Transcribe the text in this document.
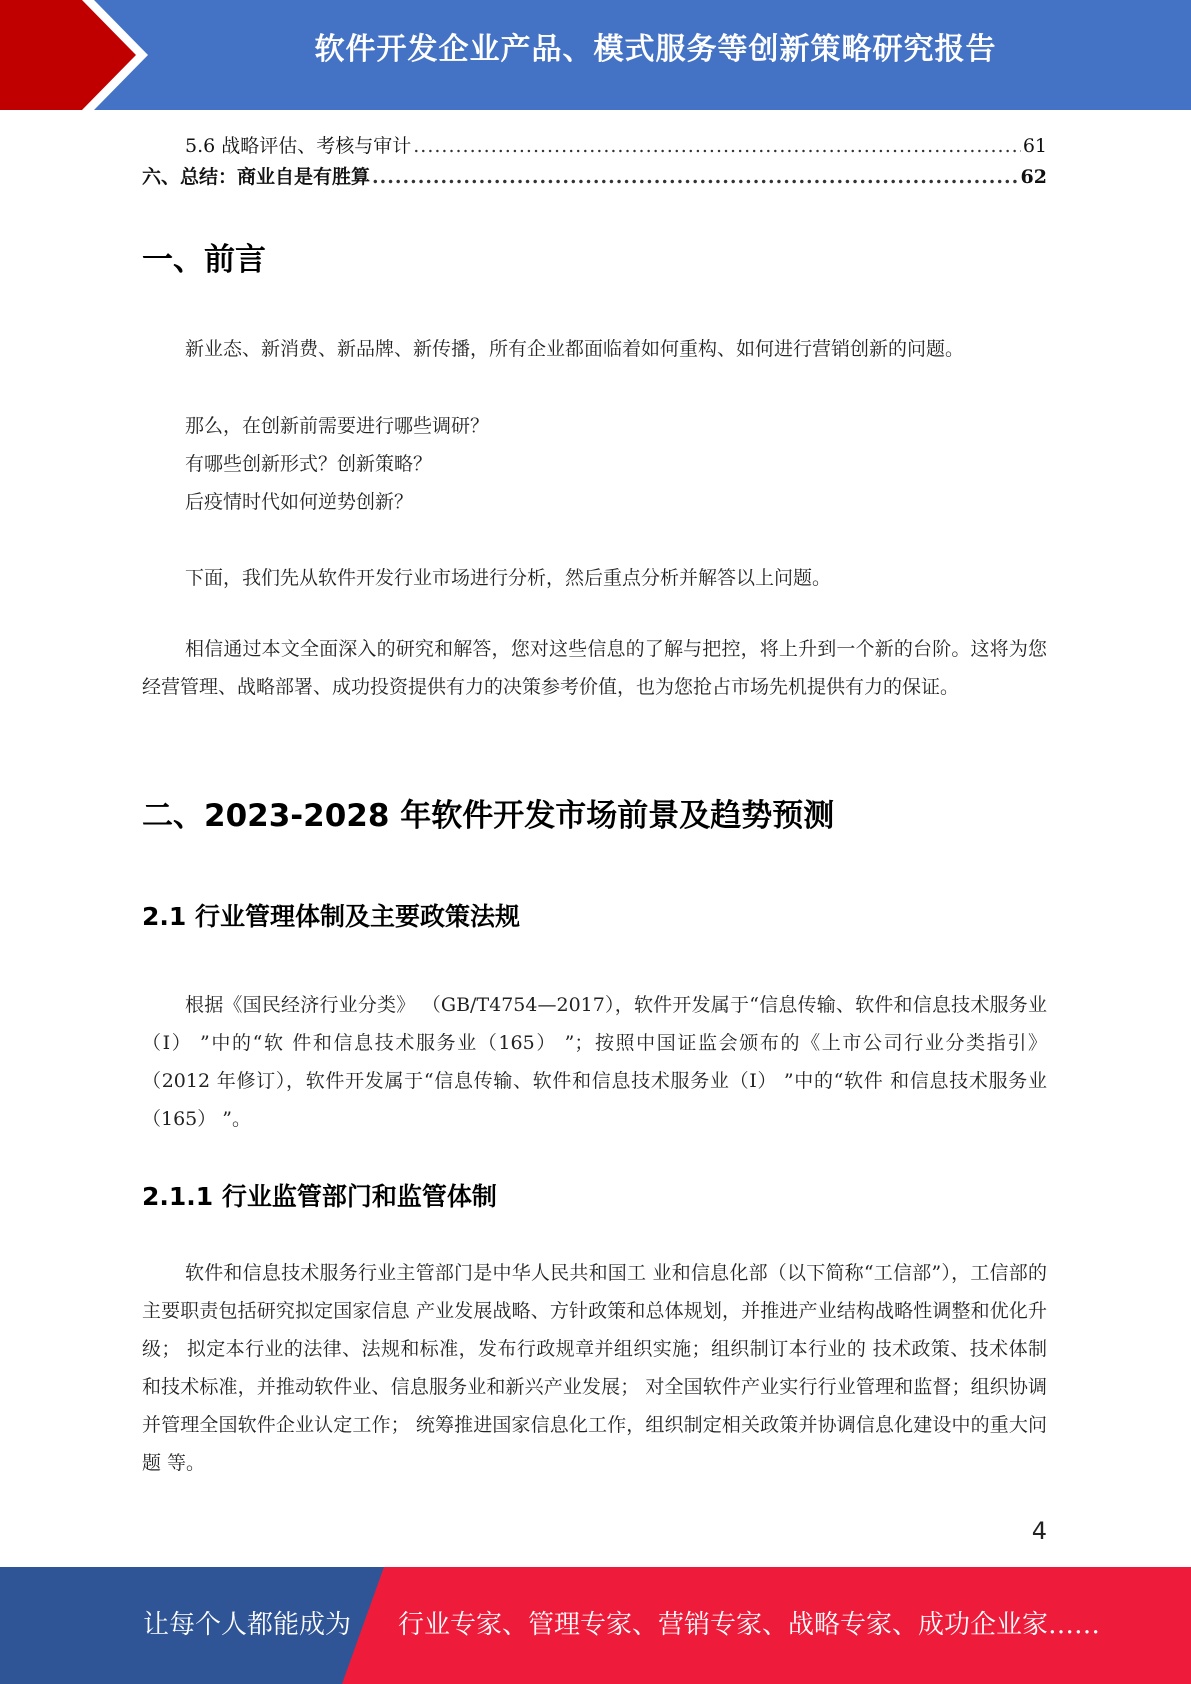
软件开发企业产品、模式服务等创新策略研究报告
5.6 战略评估、考核与审计 .....	61
六、总结：商业自是有胜算 .....	62
一、前言
新业态、新消费、新品牌、新传播，所有企业都面临着如何重构、如何进行营销创新的问题。
那么，在创新前需要进行哪些调研？
有哪些创新形式？创新策略？
后疫情时代如何逆势创新？
下面，我们先从软件开发行业市场进行分析，然后重点分析并解答以上问题。

相信通过本文全面深入的研究和解答，您对这些信息的了解与把控，将上升到一个新的台阶。这将为您经营管理、战略部署、成功投资提供有力的决策参考价值，也为您抢占市场先机提供有力的保证。

二、2023-2028 年软件开发市场前景及趋势预测
2.1 行业管理体制及主要政策法规

根据《国民经济行业分类》 （GB/T4754—2017），软件开发属于“信息传输、软件和信息技术服务业（I） ”中的“软 件和信息技术服务业（165） ”；按照中国证监会颁布的《上市公司行业分类指引》 （2012 年修订），软件开发属于“信息传输、软件和信息技术服务业（I） ”中的“软件 和信息技术服务业（165） ”。

2.1.1 行业监管部门和监管体制

软件和信息技术服务行业主管部门是中华人民共和国工 业和信息化部（以下简称“工信部”），工信部的主要职责包括研究拟定国家信息 产业发展战略、方针政策和总体规划，并推进产业结构战略性调整和优化升级； 拟定本行业的法律、法规和标准，发布行政规章并组织实施；组织制订本行业的 技术政策、技术体制和技术标准，并推动软件业、信息服务业和新兴产业发展； 对全国软件产业实行行业管理和监督；组织协调并管理全国软件企业认定工作； 统筹推进国家信息化工作，组织制定相关政策并协调信息化建设中的重大问题 等。

4
让每个人都能成为 行业专家、管理专家、营销专家、战略专家、成功企业家……
